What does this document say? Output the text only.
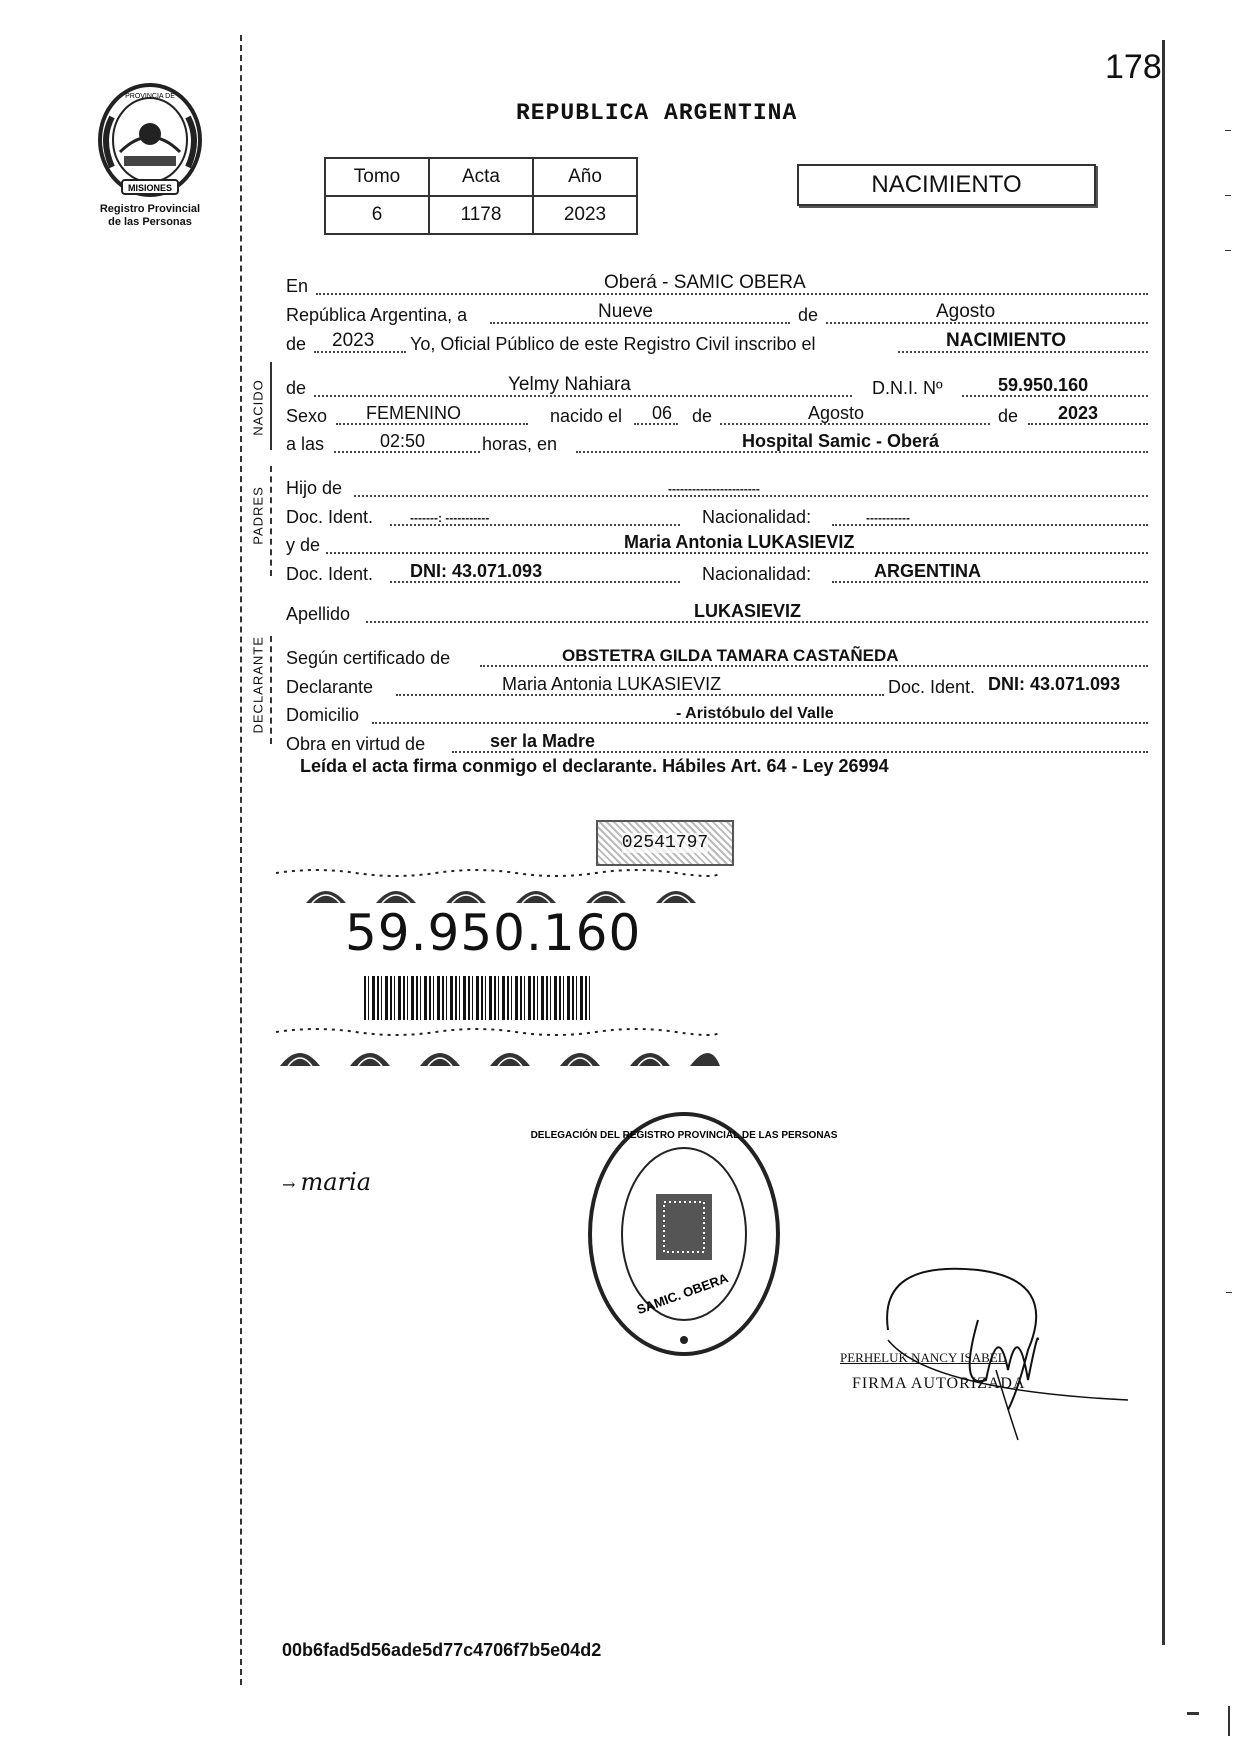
178
MISIONES
PROVINCIA DE
Registro Provincial
de las Personas
REPUBLICA ARGENTINA
Tomo	Acta	Año
6	1178	2023
NACIMIENTO
NACIDO
PADRES
DECLARANTE
En	Oberá - SAMIC OBERA
República Argentina, a	Nueve	de	Agosto
de 2023 Yo, Oficial Público de este Registro Civil inscribo el	NACIMIENTO
de	Yelmy Nahiara	D.N.I. Nº	59.950.160
Sexo FEMENINO	nacido el 06 de	Agosto	de 2023
a las	02:50	horas, en	Hospital Samic - Oberá
Hijo de	-----------------------
Doc. Ident.	-------: -----------	Nacionalidad:	-----------
y de	Maria Antonia LUKASIEVIZ
Doc. Ident. DNI: 43.071.093	Nacionalidad:	ARGENTINA
Apellido	LUKASIEVIZ
Según certificado de	OBSTETRA GILDA TAMARA CASTAÑEDA
Declarante	Maria Antonia LUKASIEVIZ	Doc. Ident. DNI: 43.071.093
Domicilio	- Aristóbulo del Valle
Obra en virtud de	ser la Madre
Leída el acta firma conmigo el declarante. Hábiles Art. 64 - Ley 26994
02541797
59.950.160
→ maria
SAMIC. OBERA
DELEGACIÓN DEL REGISTRO PROVINCIAL DE LAS PERSONAS
PERHELUK NANCY ISABEL
FIRMA AUTORIZADA
00b6fad5d56ade5d77c4706f7b5e04d2
